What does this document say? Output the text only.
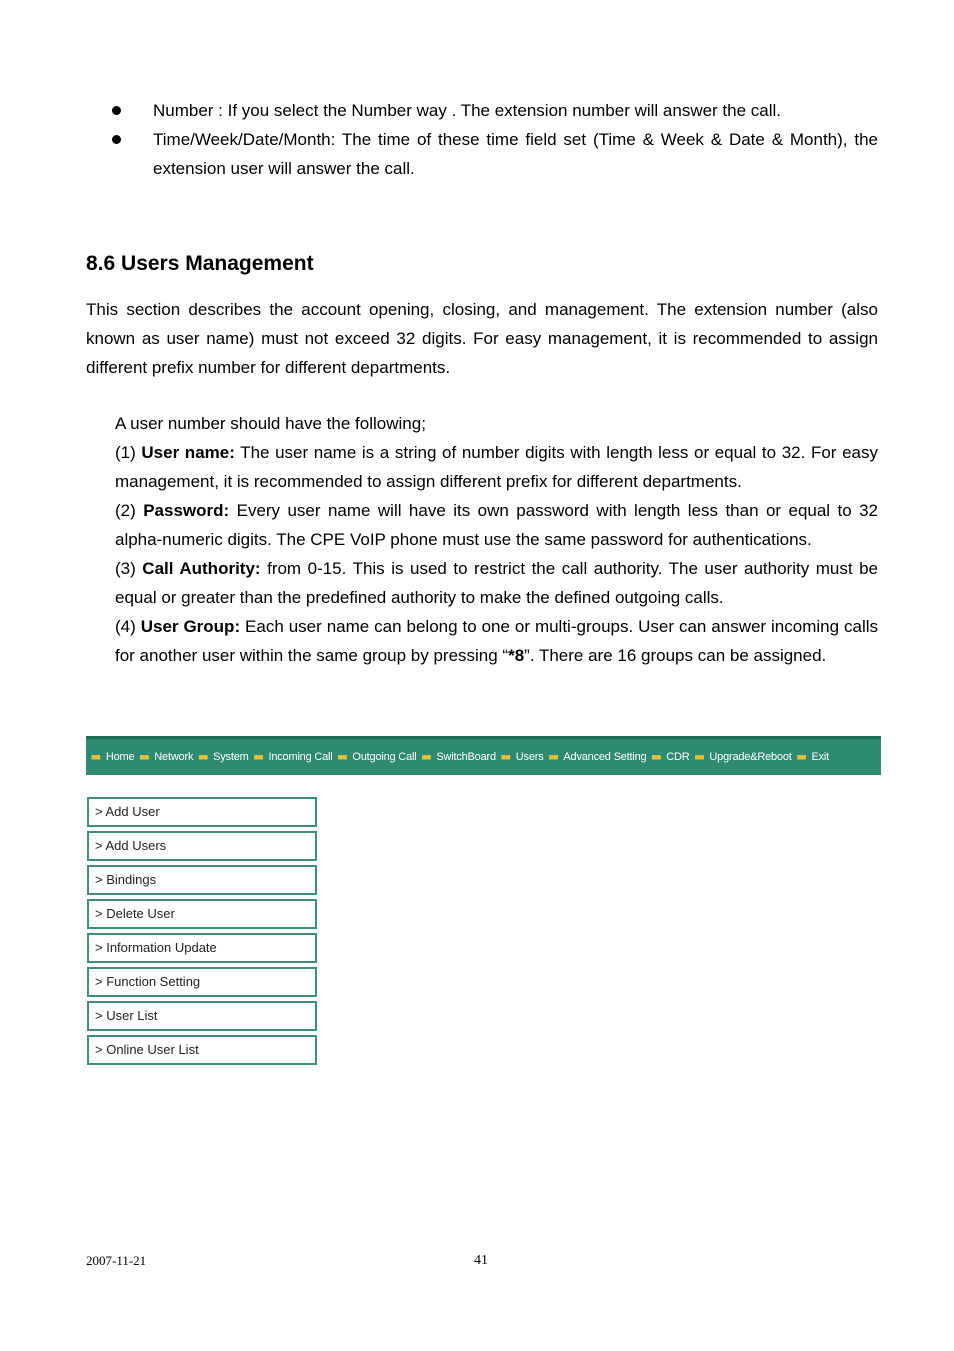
Number : If you select the Number way . The extension number will answer the call.
Time/Week/Date/Month: The time of these time field set (Time & Week & Date & Month), the extension user will answer the call.
8.6 Users Management

This section describes the account opening, closing, and management. The extension number (also known as user name) must not exceed 32 digits. For easy management, it is recommended to assign different prefix number for different departments.

A user number should have the following;

(1) User name: The user name is a string of number digits with length less or equal to 32. For easy management, it is recommended to assign different prefix for different departments.

(2) Password: Every user name will have its own password with length less than or equal to 32 alpha-numeric digits. The CPE VoIP phone must use the same password for authentications.

(3) Call Authority: from 0-15. This is used to restrict the call authority. The user authority must be equal or greater than the predefined authority to make the defined outgoing calls.

(4) User Group: Each user name can belong to one or multi-groups. User can answer incoming calls for another user within the same group by pressing “*8”. There are 16 groups can be assigned.

■■ Home ■■ Network ■■ System ■■ Incoming Call ■■ Outgoing Call ■■ SwitchBoard ■■ Users ■■ Advanced Setting ■■ CDR ■■ Upgrade&Reboot ■■ Exit
> Add User
> Add Users
> Bindings
> Delete User
> Information Update
> Function Setting
> User List
> Online User List
2007-11-21	41
